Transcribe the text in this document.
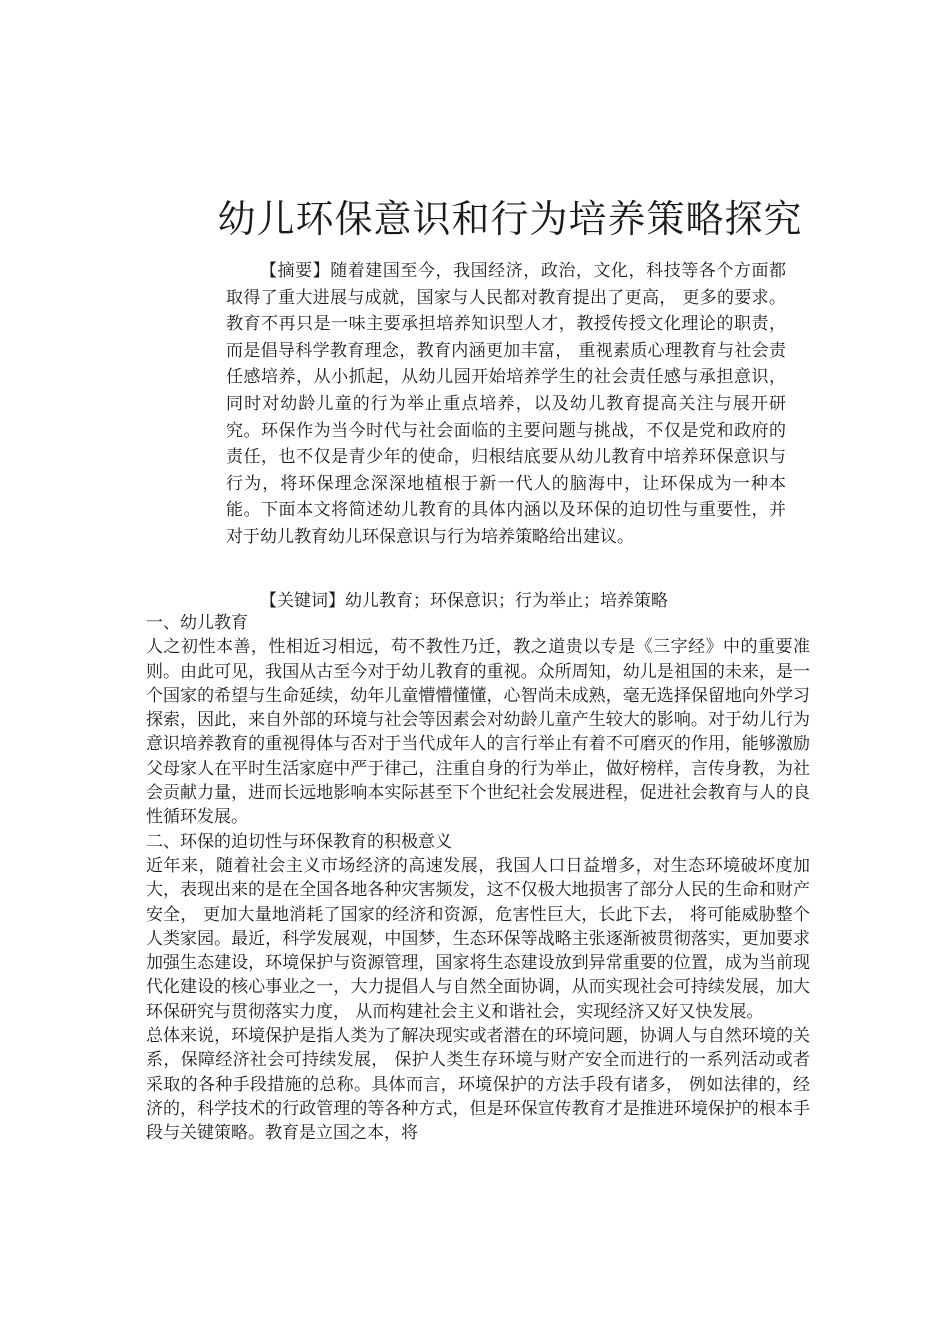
幼儿环保意识和行为培养策略探究

【摘要】随着建国至今，我国经济，政治，文化，科技等各个方面都取得了重大进展与成就，国家与人民都对教育提出了更高， 更多的要求。教育不再只是一味主要承担培养知识型人才，教授传授文化理论的职责，而是倡导科学教育理念，教育内涵更加丰富， 重视素质心理教育与社会责任感培养，从小抓起，从幼儿园开始培养学生的社会责任感与承担意识，同时对幼龄儿童的行为举止重点培养，以及幼儿教育提高关注与展开研究。环保作为当今时代与社会面临的主要问题与挑战，不仅是党和政府的责任，也不仅是青少年的使命，归根结底要从幼儿教育中培养环保意识与行为，将环保理念深深地植根于新一代人的脑海中，让环保成为一种本能。下面本文将简述幼儿教育的具体内涵以及环保的迫切性与重要性，并对于幼儿教育幼儿环保意识与行为培养策略给出建议。

【关键词】幼儿教育；环保意识；行为举止；培养策略

一、幼儿教育

人之初性本善，性相近习相远，苟不教性乃迁，教之道贵以专是《三字经》中的重要准则。由此可见，我国从古至今对于幼儿教育的重视。众所周知，幼儿是祖国的未来，是一个国家的希望与生命延续，幼年儿童懵懵懂懂，心智尚未成熟，毫无选择保留地向外学习探索，因此，来自外部的环境与社会等因素会对幼龄儿童产生较大的影响。对于幼儿行为意识培养教育的重视得体与否对于当代成年人的言行举止有着不可磨灭的作用，能够激励父母家人在平时生活家庭中严于律己，注重自身的行为举止，做好榜样，言传身教，为社会贡献力量，进而长远地影响本实际甚至下个世纪社会发展进程，促进社会教育与人的良性循环发展。

二、环保的迫切性与环保教育的积极意义

近年来，随着社会主义市场经济的高速发展，我国人口日益增多，对生态环境破坏度加大，表现出来的是在全国各地各种灾害频发，这不仅极大地损害了部分人民的生命和财产安全， 更加大量地消耗了国家的经济和资源，危害性巨大，长此下去， 将可能威胁整个人类家园。最近，科学发展观，中国梦，生态环保等战略主张逐渐被贯彻落实，更加要求加强生态建设，环境保护与资源管理，国家将生态建设放到异常重要的位置，成为当前现代化建设的核心事业之一，大力提倡人与自然全面协调，从而实现社会可持续发展，加大环保研究与贯彻落实力度， 从而构建社会主义和谐社会，实现经济又好又快发展。

总体来说，环境保护是指人类为了解决现实或者潜在的环境问题，协调人与自然环境的关系，保障经济社会可持续发展， 保护人类生存环境与财产安全而进行的一系列活动或者采取的各种手段措施的总称。具体而言，环境保护的方法手段有诸多， 例如法律的，经济的，科学技术的行政管理的等各种方式，但是环保宣传教育才是推进环境保护的根本手段与关键策略。教育是立国之本，将
